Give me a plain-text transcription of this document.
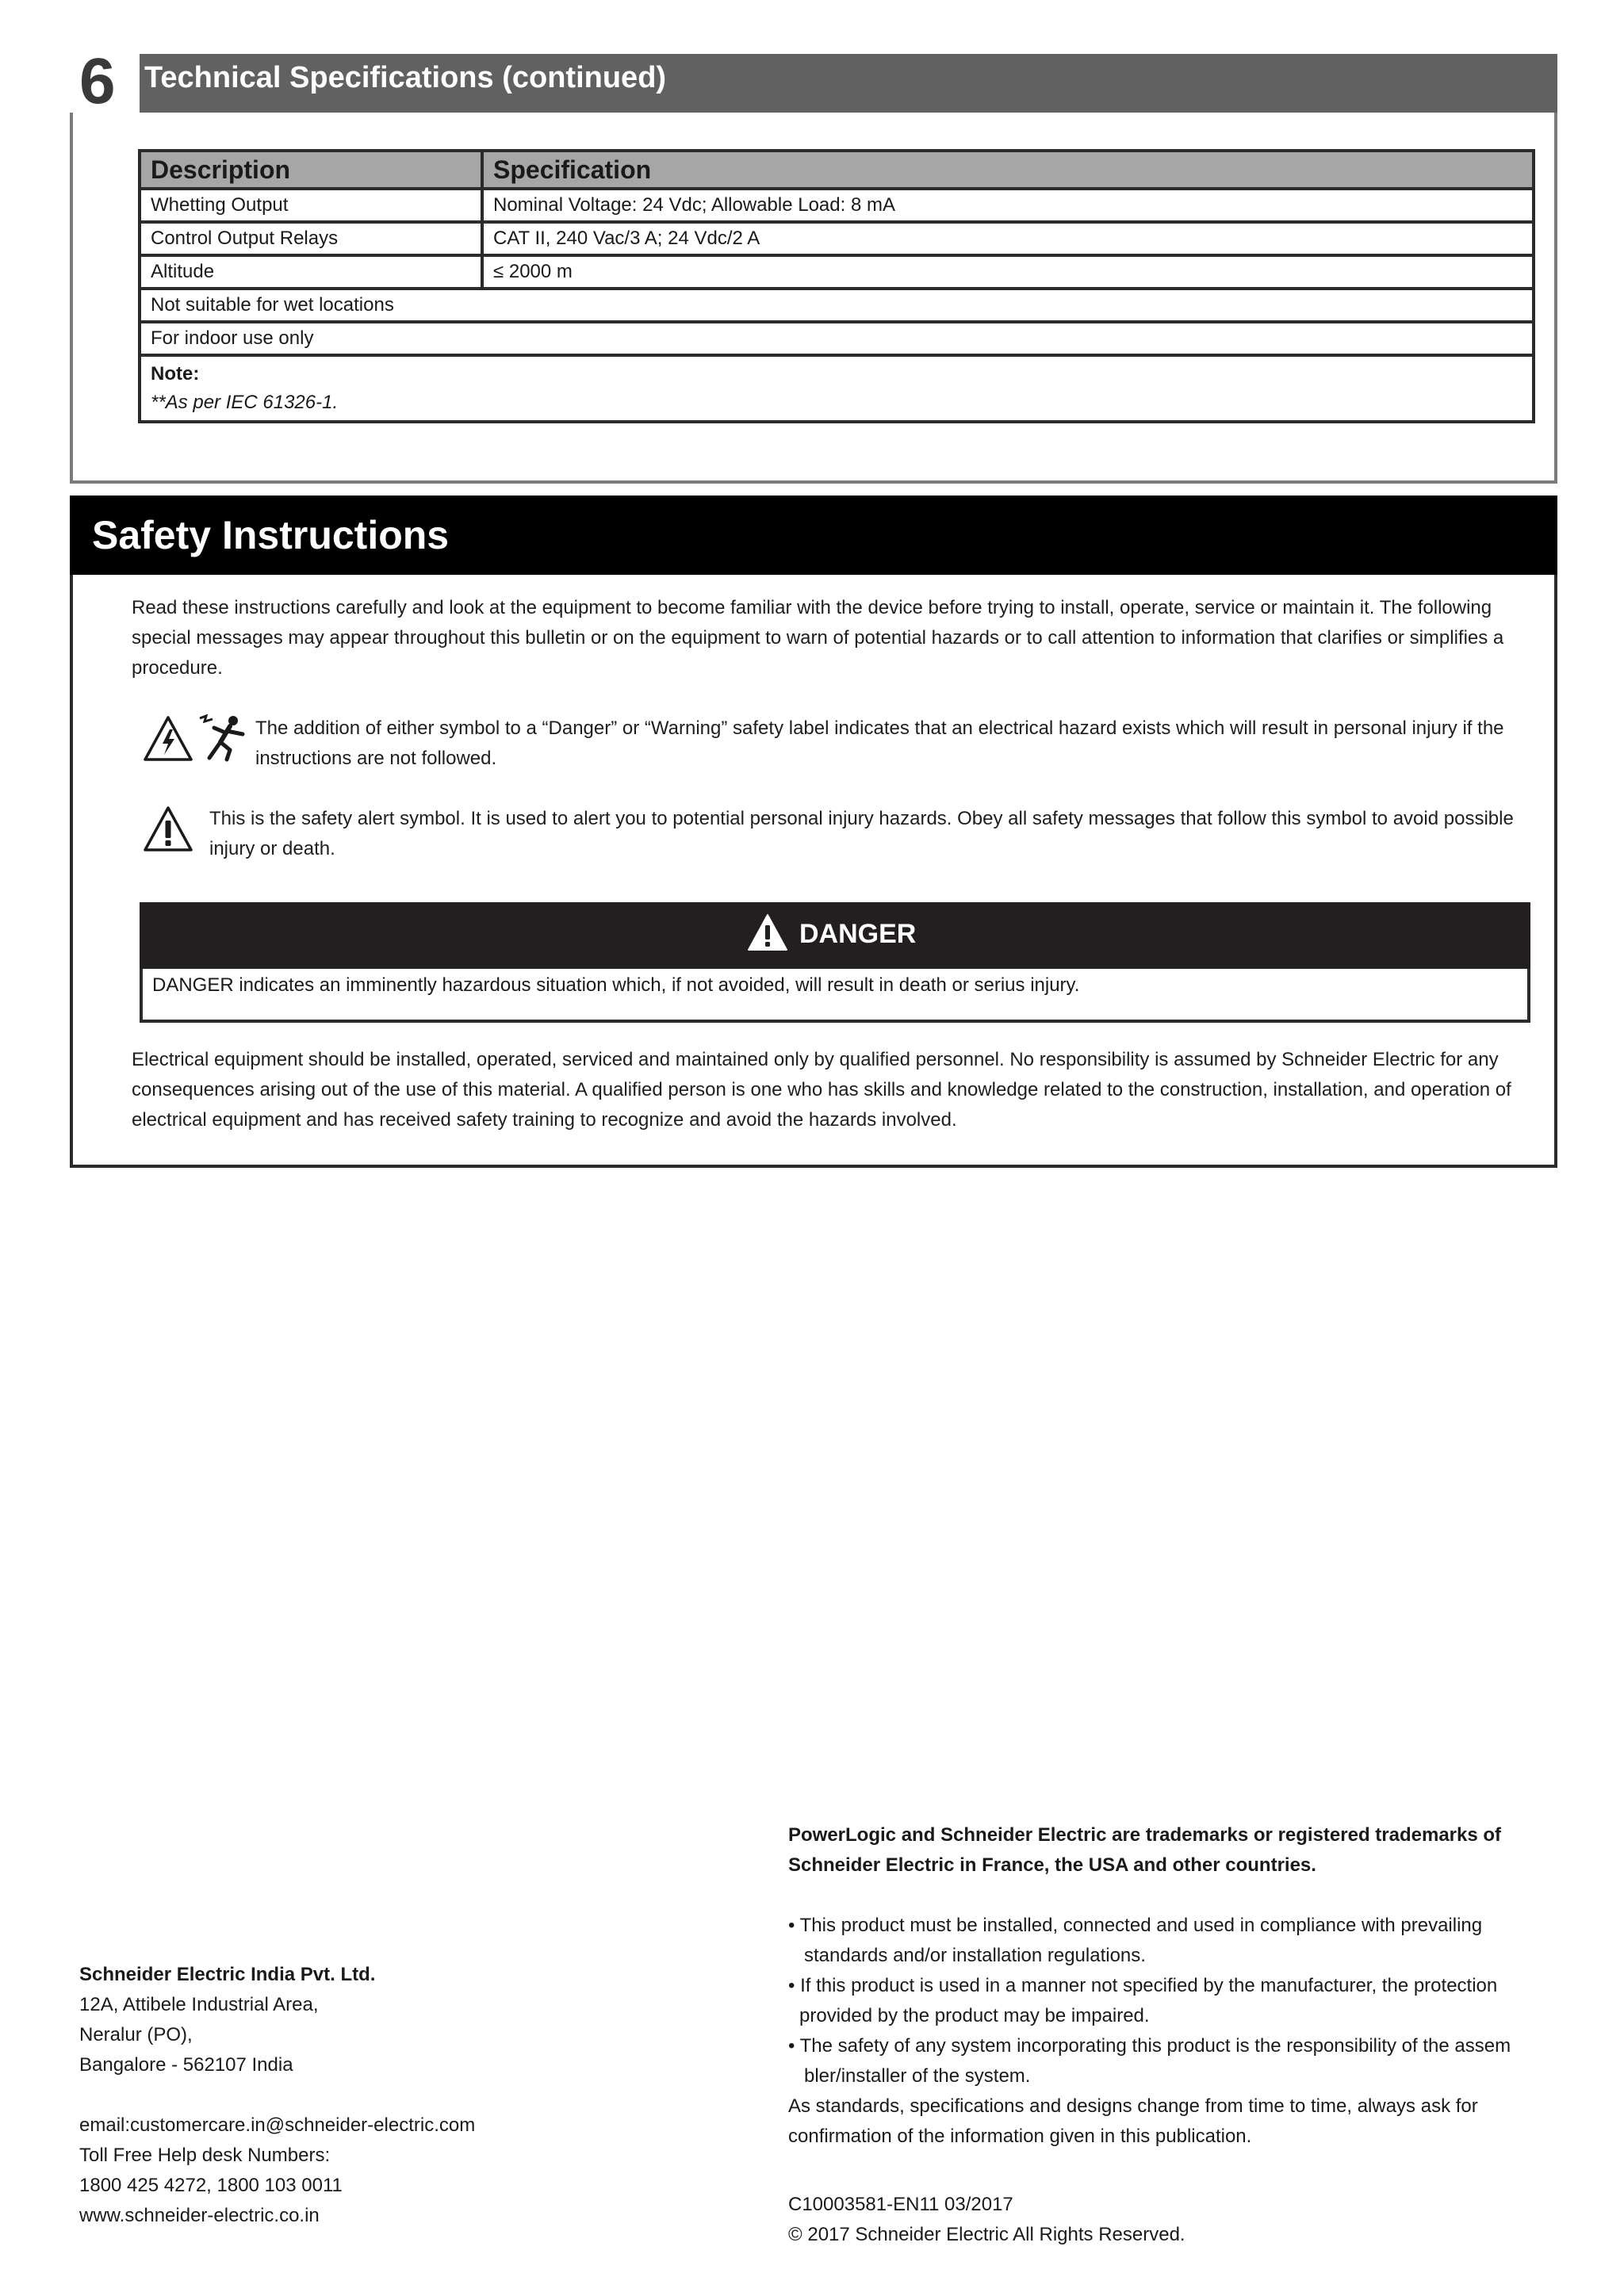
6 Technical Specifications (continued)
Description	Specification
Whetting Output	Nominal Voltage: 24 Vdc; Allowable Load: 8 mA
Control Output Relays	CAT II, 240 Vac/3 A; 24 Vdc/2 A
Altitude	≤ 2000 m
Not suitable for wet locations	
For indoor use only	

Note:
**As per IEC 61326-1.	
Safety Instructions
Read these instructions carefully and look at the equipment to become familiar with the device before trying to install, operate, service or maintain it. The following special messages may appear throughout this bulletin or on the equipment to warn of potential hazards or to call attention to information that clarifies or simplifies a procedure.
The addition of either symbol to a “Danger” or “Warning” safety label indicates that an electrical hazard exists which will result in personal injury if the instructions are not followed.
This is the safety alert symbol. It is used to alert you to potential personal injury hazards. Obey all safety messages that follow this symbol to avoid possible injury or death.
DANGER
DANGER indicates an imminently hazardous situation which, if not avoided, will result in death or serius injury.
Electrical equipment should be installed, operated, serviced and maintained only by qualified personnel. No responsibility is assumed by Schneider Electric for any consequences arising out of the use of this material. A qualified person is one who has skills and knowledge related to the construction, installation, and operation of electrical equipment and has received safety training to recognize and avoid the hazards involved.
Schneider Electric India Pvt. Ltd.
12A, Attibele Industrial Area,
Neralur (PO),
Bangalore - 562107 India
email:customercare.in@schneider-electric.com
Toll Free Help desk Numbers:
1800 425 4272, 1800 103 0011
www.schneider-electric.co.in
PowerLogic and Schneider Electric are trademarks or registered trademarks of
Schneider Electric in France, the USA and other countries.
• This product must be installed, connected and used in compliance with prevailing
standards and/or installation regulations.
• If this product is used in a manner not specified by the manufacturer, the protection
provided by the product may be impaired.
• The safety of any system incorporating this product is the responsibility of the assem
bler/installer of the system.
As standards, specifications and designs change from time to time, always ask for
confirmation of the information given in this publication.
C10003581-EN11 03/2017
© 2017 Schneider Electric All Rights Reserved.
